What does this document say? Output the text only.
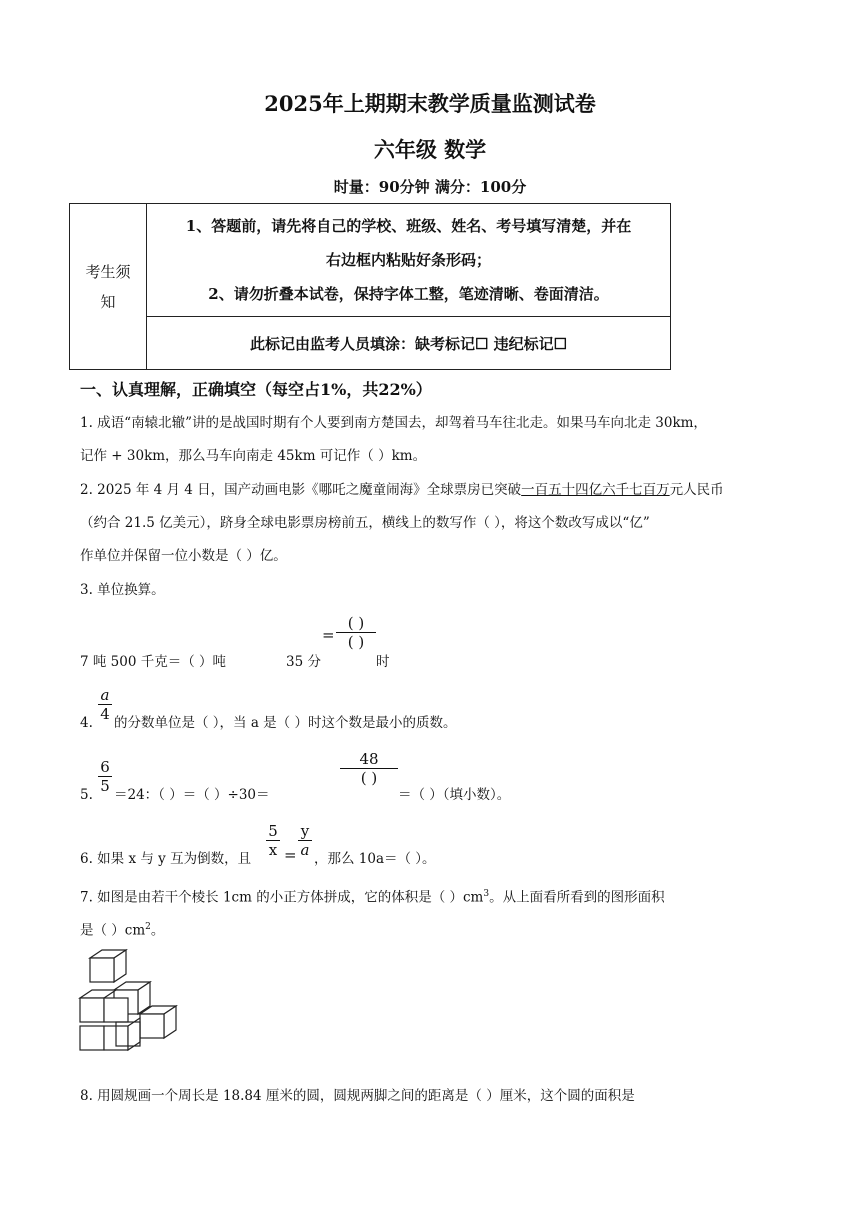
2025年上期期末教学质量监测试卷
六年级 数学
时量：90分钟 满分：100分
考生须
知

1、答题前，请先将自己的学校、班级、姓名、考号填写清楚，并在
右边框内粘贴好条形码；
2、请勿折叠本试卷，保持字体工整，笔迹清晰、卷面清洁。

此标记由监考人员填涂：缺考标记☐ 违纪标记☐
一、认真理解，正确填空（每空占1%，共22%）
1. 成语“南辕北辙”讲的是战国时期有个人要到南方楚国去，却驾着马车往北走。如果马车向北走 30km，
记作 + 30km，那么马车向南走 45km 可记作（ ）km。
2. 2025 年 4 月 4 日，国产动画电影《哪吒之魔童闹海》全球票房已突破一百五十四亿六千七百万元人民币
（约合 21.5 亿美元），跻身全球电影票房榜前五，横线上的数写作（ ），将这个数改写成以“亿”
作单位并保留一位小数是（ ）亿。
3. 单位换算。
7 吨 500 千克＝（ ）吨	35 分
=
( )
( )
时
4. $\frac{a}{4}$ 的分数单位是（ ），当 a 是（ ）时这个数是最小的质数。
5. $\frac{6}{5} =24$：（ ）＝（ ）÷30＝
48
( )
＝（ ）（填小数）。
6. 如果 x 与 y 互为倒数，且 $\frac{5}{x} = \frac{y}{a}$ ，那么 10a＝（ ）。
7. 如图是由若干个棱长 1cm 的小正方体拼成，它的体积是（ ）$cm^3$。从上面看所看到的图形面积
是（ ）$cm^2$。
8. 用圆规画一个周长是 18.84 厘米的圆，圆规两脚之间的距离是（ ）厘米，这个圆的面积是
